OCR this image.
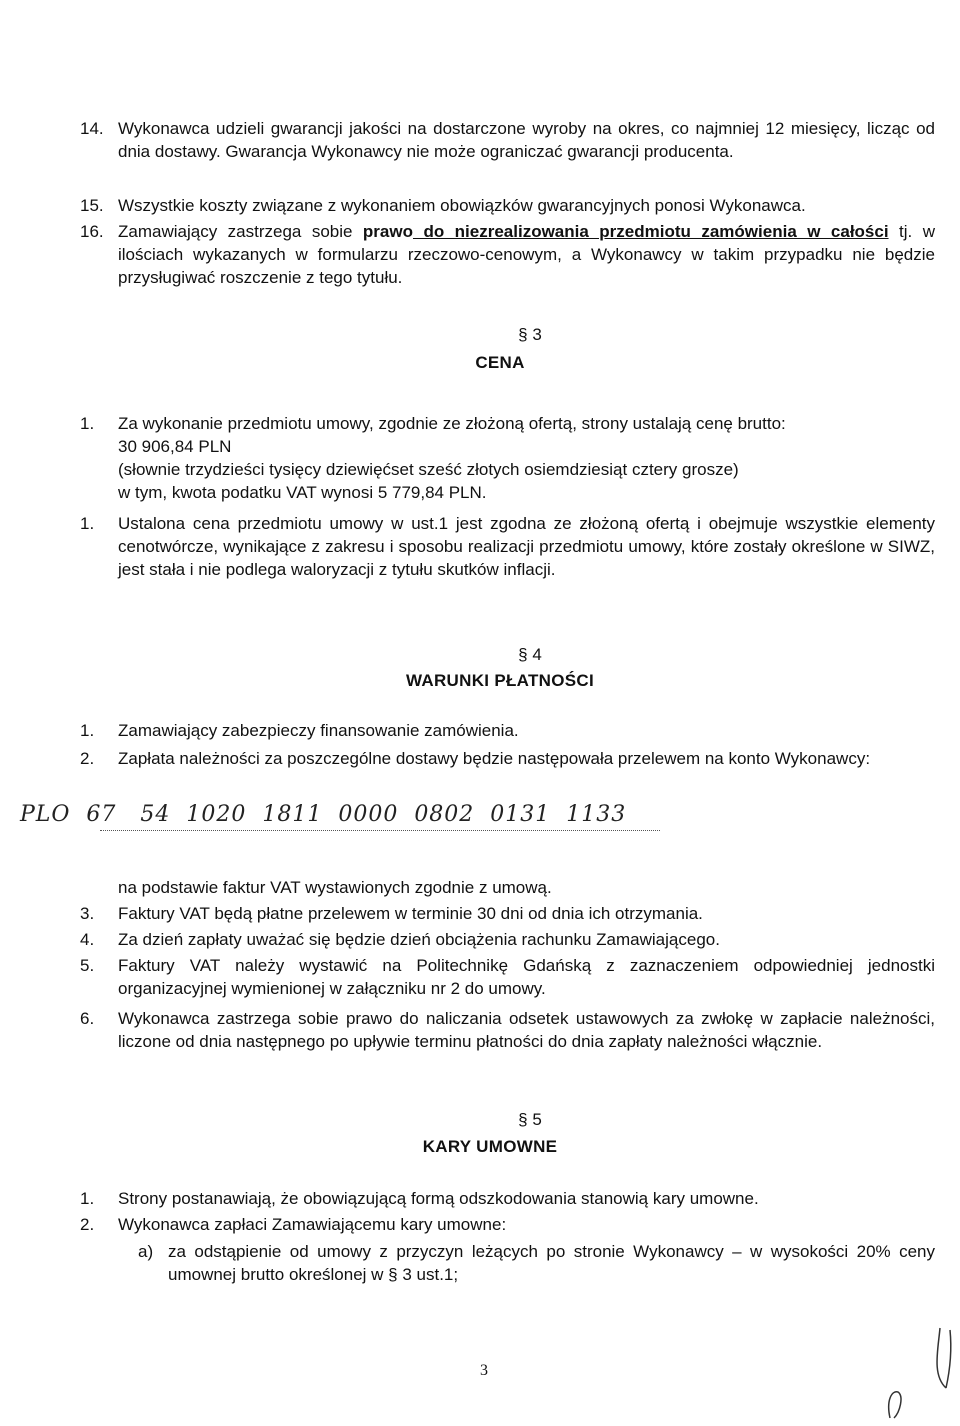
14. Wykonawca udzieli gwarancji jakości na dostarczone wyroby na okres, co najmniej 12 miesięcy, licząc od dnia dostawy. Gwarancja Wykonawcy nie może ograniczać gwarancji producenta.
15. Wszystkie koszty związane z wykonaniem obowiązków gwarancyjnych ponosi Wykonawca.
16. Zamawiający zastrzega sobie prawo do niezrealizowania przedmiotu zamówienia w całości tj. w ilościach wykazanych w formularzu rzeczowo-cenowym, a Wykonawcy w takim przypadku nie będzie przysługiwać roszczenie z tego tytułu.
§ 3
CENA
1.	Za wykonanie przedmiotu umowy, zgodnie ze złożoną ofertą, strony ustalają cenę brutto:
30 906,84 PLN
(słownie trzydzieści tysięcy dziewięćset sześć złotych osiemdziesiąt cztery grosze)
w tym, kwota podatku VAT wynosi 5 779,84 PLN.
1.	Ustalona cena przedmiotu umowy w ust.1 jest zgodna ze złożoną ofertą i obejmuje wszystkie elementy cenotwórcze, wynikające z zakresu i sposobu realizacji przedmiotu umowy, które zostały określone w SIWZ, jest stała i nie podlega waloryzacji z tytułu skutków inflacji.
§ 4
WARUNKI PŁATNOŚCI
1.	Zamawiający zabezpieczy finansowanie zamówienia.
2.	Zapłata należności za poszczególne dostawy będzie następowała przelewem na konto Wykonawcy:
PLO  67   54  1020  1811  0000  0802  0131  1133
na podstawie faktur VAT wystawionych zgodnie z umową.
3.	Faktury VAT będą płatne przelewem w terminie 30 dni od dnia ich otrzymania.
4.	Za dzień zapłaty uważać się będzie dzień obciążenia rachunku Zamawiającego.
5.	Faktury VAT należy wystawić na Politechnikę Gdańską z zaznaczeniem odpowiedniej jednostki organizacyjnej wymienionej w załączniku nr 2 do umowy.
6.	Wykonawca zastrzega sobie prawo do naliczania odsetek ustawowych za zwłokę w zapłacie należności, liczone od dnia następnego po upływie terminu płatności do dnia zapłaty należności włącznie.
§ 5
KARY UMOWNE
1.	Strony postanawiają, że obowiązującą formą odszkodowania stanowią kary umowne.
2.	Wykonawca zapłaci Zamawiającemu kary umowne:
a) za odstąpienie od umowy z przyczyn leżących po stronie Wykonawcy – w wysokości 20% ceny umownej brutto określonej w § 3 ust.1;
3
